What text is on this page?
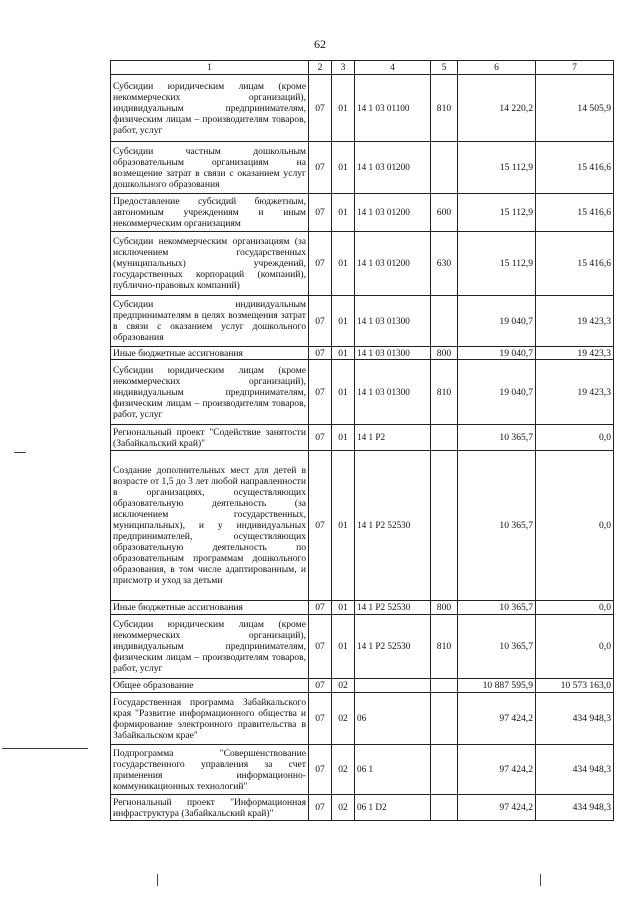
62
1	2	3	4	5	6	7
Субсидии юридическим лицам (кроме некоммерческих организаций), индивидуальным предпринимателям, физическим лицам – производителям товаров, работ, услуг	07	01	14 1 03 01100	810	14 220,2	14 505,9
Субсидии частным дошкольным образовательным организациям на возмещение затрат в связи с оказанием услуг дошкольного образования	07	01	14 1 03 01200		15 112,9	15 416,6
Предоставление субсидий бюджетным, автономным учреждениям и иным некоммерческим организациям	07	01	14 1 03 01200	600	15 112,9	15 416,6
Субсидии некоммерческим организациям (за исключением государственных (муниципальных) учреждений, государственных корпораций (компаний), публично-правовых компаний)	07	01	14 1 03 01200	630	15 112,9	15 416,6
Субсидии индивидуальным предпринимателям в целях возмещения затрат в связи с оказанием услуг дошкольного образования	07	01	14 1 03 01300		19 040,7	19 423,3
Иные бюджетные ассигнования	07	01	14 1 03 01300	800	19 040,7	19 423,3
Субсидии юридическим лицам (кроме некоммерческих организаций), индивидуальным предпринимателям, физическим лицам – производителям товаров, работ, услуг	07	01	14 1 03 01300	810	19 040,7	19 423,3
Региональный проект "Содействие занятости (Забайкальский край)"	07	01	14 1 P2		10 365,7	0,0
Создание дополнительных мест для детей в возрасте от 1,5 до 3 лет любой направленности в организациях, осуществляющих образовательную деятельность (за исключением государственных, муниципальных), и у индивидуальных предпринимателей, осуществляющих образовательную деятельность по образовательным программам дошкольного образования, в том числе адаптированным, и присмотр и уход за детьми	07	01	14 1 P2 52530		10 365,7	0,0
Иные бюджетные ассигнования	07	01	14 1 P2 52530	800	10 365,7	0,0
Субсидии юридическим лицам (кроме некоммерческих организаций), индивидуальным предпринимателям, физическим лицам – производителям товаров, работ, услуг	07	01	14 1 P2 52530	810	10 365,7	0,0
Общее образование	07	02			10 887 595,9	10 573 163,0
Государственная программа Забайкальского края "Развитие информационного общества и формирование электронного правительства в Забайкальском крае"	07	02	06		97 424,2	434 948,3
Подпрограмма "Совершенствование государственного управления за счет применения информационно-коммуникационных технологий"	07	02	06 1		97 424,2	434 948,3
Региональный проект "Информационная инфраструктура (Забайкальский край)"	07	02	06 1 D2		97 424,2	434 948,3
